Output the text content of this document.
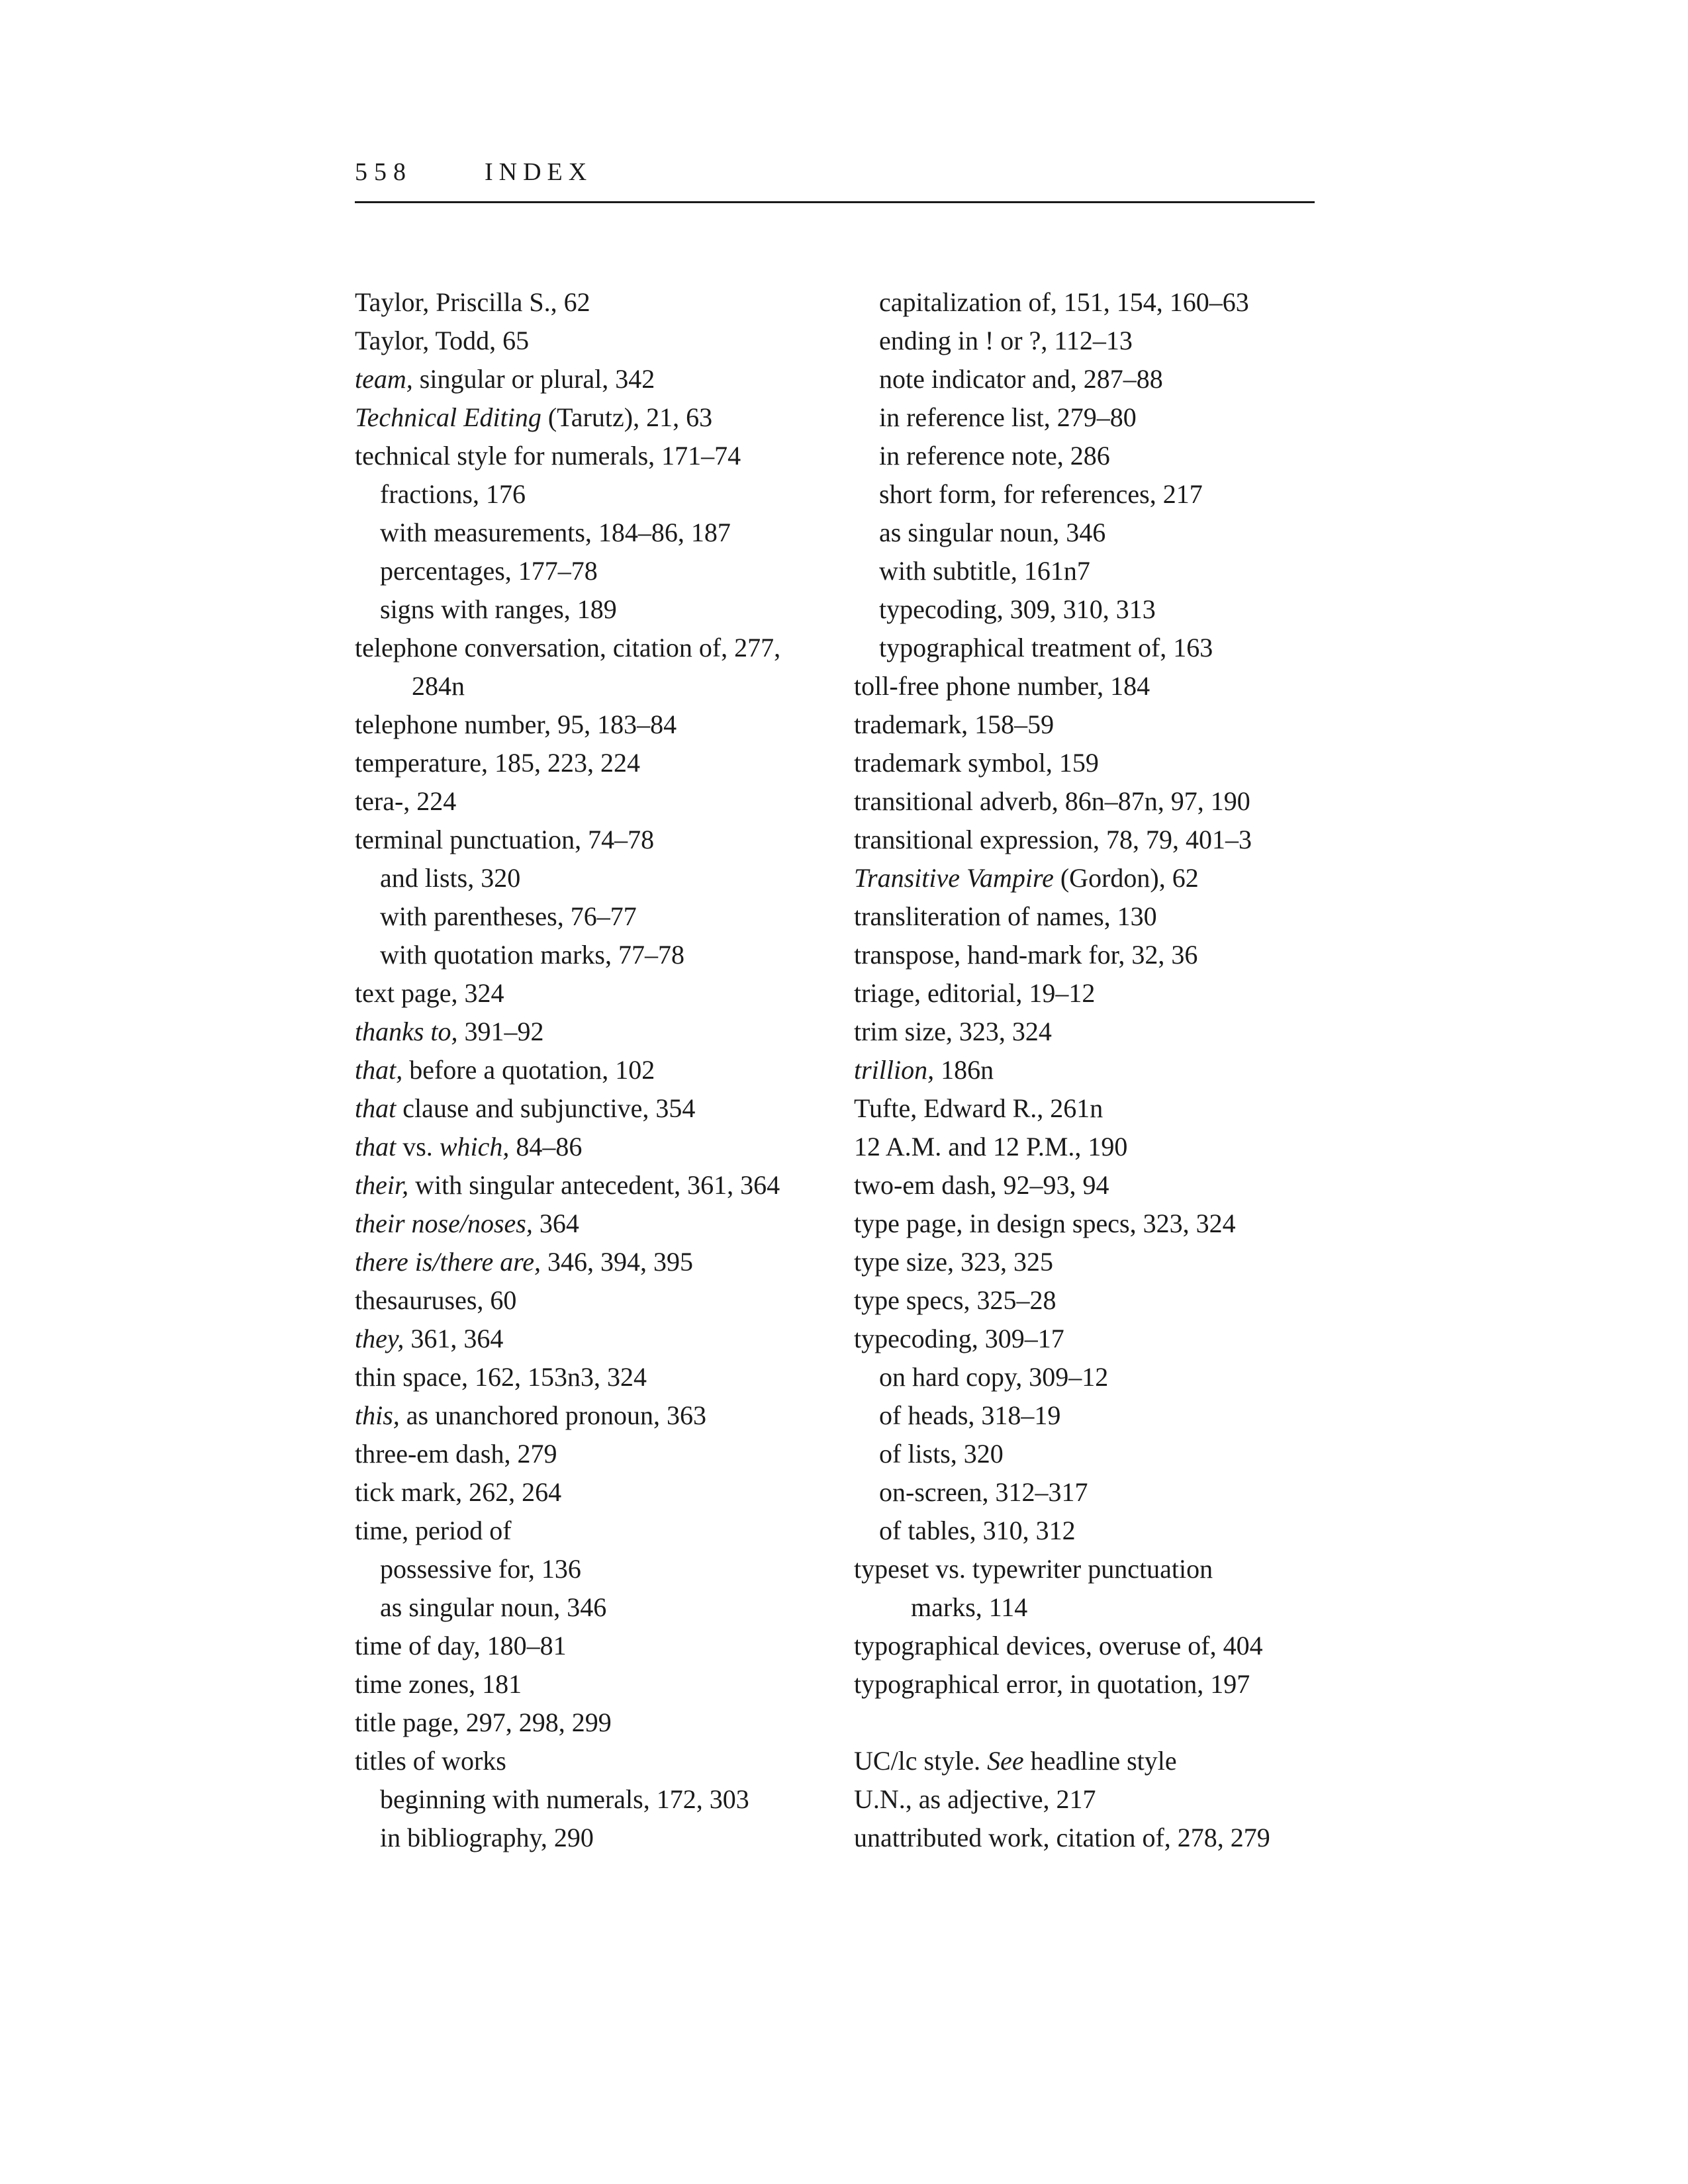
558	INDEX
Taylor, Priscilla S., 62
Taylor, Todd, 65
team, singular or plural, 342
Technical Editing (Tarutz), 21, 63
technical style for numerals, 171–74
fractions, 176
with measurements, 184–86, 187
percentages, 177–78
signs with ranges, 189
telephone conversation, citation of, 277,
284n
telephone number, 95, 183–84
temperature, 185, 223, 224
tera-, 224
terminal punctuation, 74–78
and lists, 320
with parentheses, 76–77
with quotation marks, 77–78
text page, 324
thanks to, 391–92
that, before a quotation, 102
that clause and subjunctive, 354
that vs. which, 84–86
their, with singular antecedent, 361, 364
their nose/noses, 364
there is/there are, 346, 394, 395
thesauruses, 60
they, 361, 364
thin space, 162, 153n3, 324
this, as unanchored pronoun, 363
three-em dash, 279
tick mark, 262, 264
time, period of
possessive for, 136
as singular noun, 346
time of day, 180–81
time zones, 181
title page, 297, 298, 299
titles of works
beginning with numerals, 172, 303
in bibliography, 290
capitalization of, 151, 154, 160–63
ending in ! or ?, 112–13
note indicator and, 287–88
in reference list, 279–80
in reference note, 286
short form, for references, 217
as singular noun, 346
with subtitle, 161n7
typecoding, 309, 310, 313
typographical treatment of, 163
toll-free phone number, 184
trademark, 158–59
trademark symbol, 159
transitional adverb, 86n–87n, 97, 190
transitional expression, 78, 79, 401–3
Transitive Vampire (Gordon), 62
transliteration of names, 130
transpose, hand-mark for, 32, 36
triage, editorial, 19–12
trim size, 323, 324
trillion, 186n
Tufte, Edward R., 261n
12 A.M. and 12 P.M., 190
two-em dash, 92–93, 94
type page, in design specs, 323, 324
type size, 323, 325
type specs, 325–28
typecoding, 309–17
on hard copy, 309–12
of heads, 318–19
of lists, 320
on-screen, 312–317
of tables, 310, 312
typeset vs. typewriter punctuation
marks, 114
typographical devices, overuse of, 404
typographical error, in quotation, 197
UC/lc style. See headline style
U.N., as adjective, 217
unattributed work, citation of, 278, 279
